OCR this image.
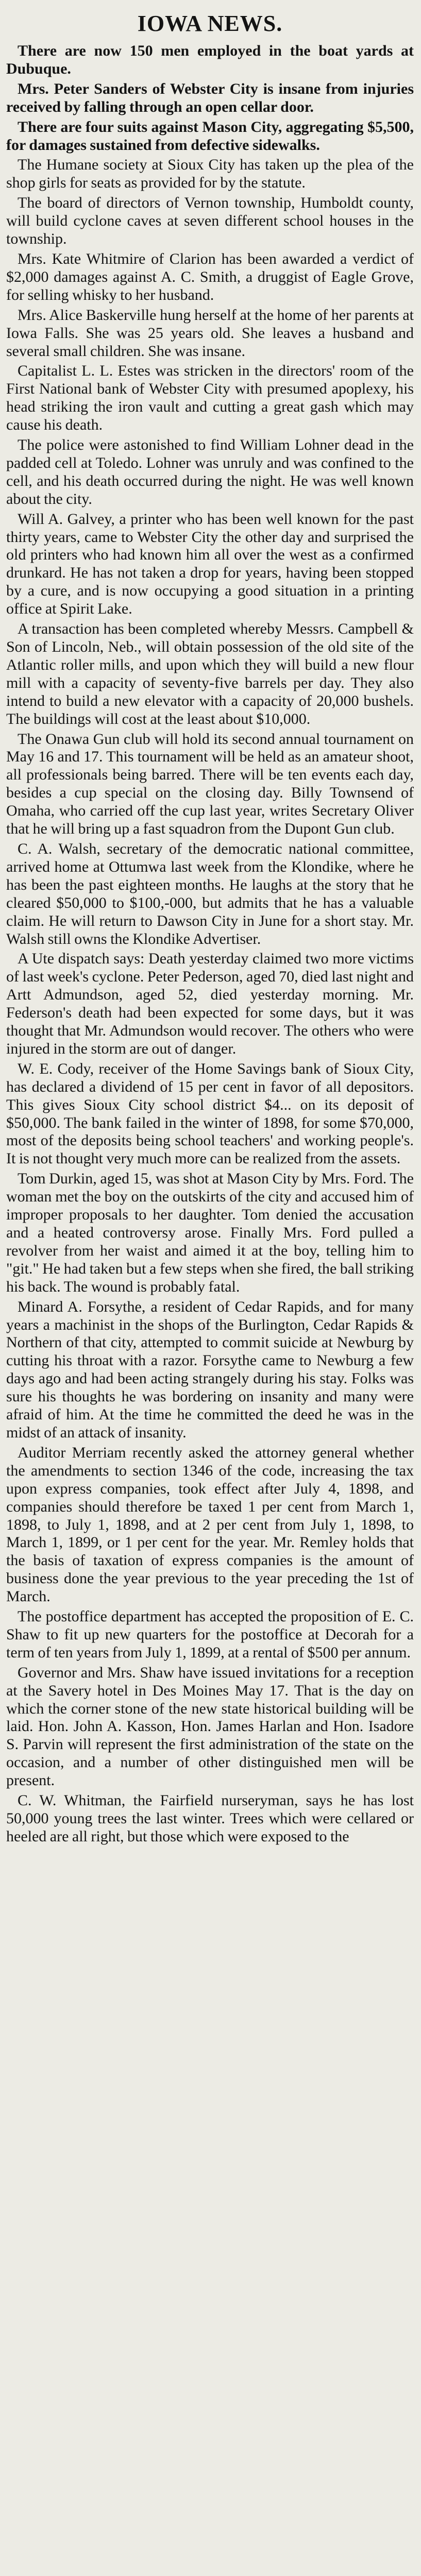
IOWA NEWS.

There are now 150 men employed in the boat yards at Dubuque.

Mrs. Peter Sanders of Webster City is insane from injuries received by falling through an open cellar door.

There are four suits against Mason City, aggregating $5,500, for damages sustained from defective sidewalks.

The Humane society at Sioux City has taken up the plea of the shop girls for seats as provided for by the statute.

The board of directors of Vernon township, Humboldt county, will build cyclone caves at seven different school houses in the township.

Mrs. Kate Whitmire of Clarion has been awarded a verdict of $2,000 damages against A. C. Smith, a druggist of Eagle Grove, for selling whisky to her husband.

Mrs. Alice Baskerville hung herself at the home of her parents at Iowa Falls. She was 25 years old. She leaves a husband and several small children. She was insane.

Capitalist L. L. Estes was stricken in the directors' room of the First National bank of Webster City with presumed apoplexy, his head striking the iron vault and cutting a great gash which may cause his death.

The police were astonished to find William Lohner dead in the padded cell at Toledo. Lohner was unruly and was confined to the cell, and his death occurred during the night. He was well known about the city.

Will A. Galvey, a printer who has been well known for the past thirty years, came to Webster City the other day and surprised the old printers who had known him all over the west as a confirmed drunkard. He has not taken a drop for years, having been stopped by a cure, and is now occupying a good situation in a printing office at Spirit Lake.

A transaction has been completed whereby Messrs. Campbell & Son of Lincoln, Neb., will obtain possession of the old site of the Atlantic roller mills, and upon which they will build a new flour mill with a capacity of seventy-five barrels per day. They also intend to build a new elevator with a capacity of 20,000 bushels. The buildings will cost at the least about $10,000.

The Onawa Gun club will hold its second annual tournament on May 16 and 17. This tournament will be held as an amateur shoot, all professionals being barred. There will be ten events each day, besides a cup special on the closing day. Billy Townsend of Omaha, who carried off the cup last year, writes Secretary Oliver that he will bring up a fast squadron from the Dupont Gun club.

C. A. Walsh, secretary of the democratic national committee, arrived home at Ottumwa last week from the Klondike, where he has been the past eighteen months. He laughs at the story that he cleared $50,000 to $100,-000, but admits that he has a valuable claim. He will return to Dawson City in June for a short stay. Mr. Walsh still owns the Klondike Advertiser.

A Ute dispatch says: Death yesterday claimed two more victims of last week's cyclone. Peter Pederson, aged 70, died last night and Artt Admundson, aged 52, died yesterday morning. Mr. Federson's death had been expected for some days, but it was thought that Mr. Admundson would recover. The others who were injured in the storm are out of danger.

W. E. Cody, receiver of the Home Savings bank of Sioux City, has declared a dividend of 15 per cent in favor of all depositors. This gives Sioux City school district $4... on its deposit of $50,000. The bank failed in the winter of 1898, for some $70,000, most of the deposits being school teachers' and working people's. It is not thought very much more can be realized from the assets.

Tom Durkin, aged 15, was shot at Mason City by Mrs. Ford. The woman met the boy on the outskirts of the city and accused him of improper proposals to her daughter. Tom denied the accusation and a heated controversy arose. Finally Mrs. Ford pulled a revolver from her waist and aimed it at the boy, telling him to "git." He had taken but a few steps when she fired, the ball striking his back. The wound is probably fatal.

Minard A. Forsythe, a resident of Cedar Rapids, and for many years a machinist in the shops of the Burlington, Cedar Rapids & Northern of that city, attempted to commit suicide at Newburg by cutting his throat with a razor. Forsythe came to Newburg a few days ago and had been acting strangely during his stay. Folks was sure his thoughts he was bordering on insanity and many were afraid of him. At the time he committed the deed he was in the midst of an attack of insanity.

Auditor Merriam recently asked the attorney general whether the amendments to section 1346 of the code, increasing the tax upon express companies, took effect after July 4, 1898, and companies should therefore be taxed 1 per cent from March 1, 1898, to July 1, 1898, and at 2 per cent from July 1, 1898, to March 1, 1899, or 1 per cent for the year. Mr. Remley holds that the basis of taxation of express companies is the amount of business done the year previous to the year preceding the 1st of March.

The postoffice department has accepted the proposition of E. C. Shaw to fit up new quarters for the postoffice at Decorah for a term of ten years from July 1, 1899, at a rental of $500 per annum.

Governor and Mrs. Shaw have issued invitations for a reception at the Savery hotel in Des Moines May 17. That is the day on which the corner stone of the new state historical building will be laid. Hon. John A. Kasson, Hon. James Harlan and Hon. Isadore S. Parvin will represent the first administration of the state on the occasion, and a number of other distinguished men will be present.

C. W. Whitman, the Fairfield nurseryman, says he has lost 50,000 young trees the last winter. Trees which were cellared or heeled are all right, but those which were exposed to the
